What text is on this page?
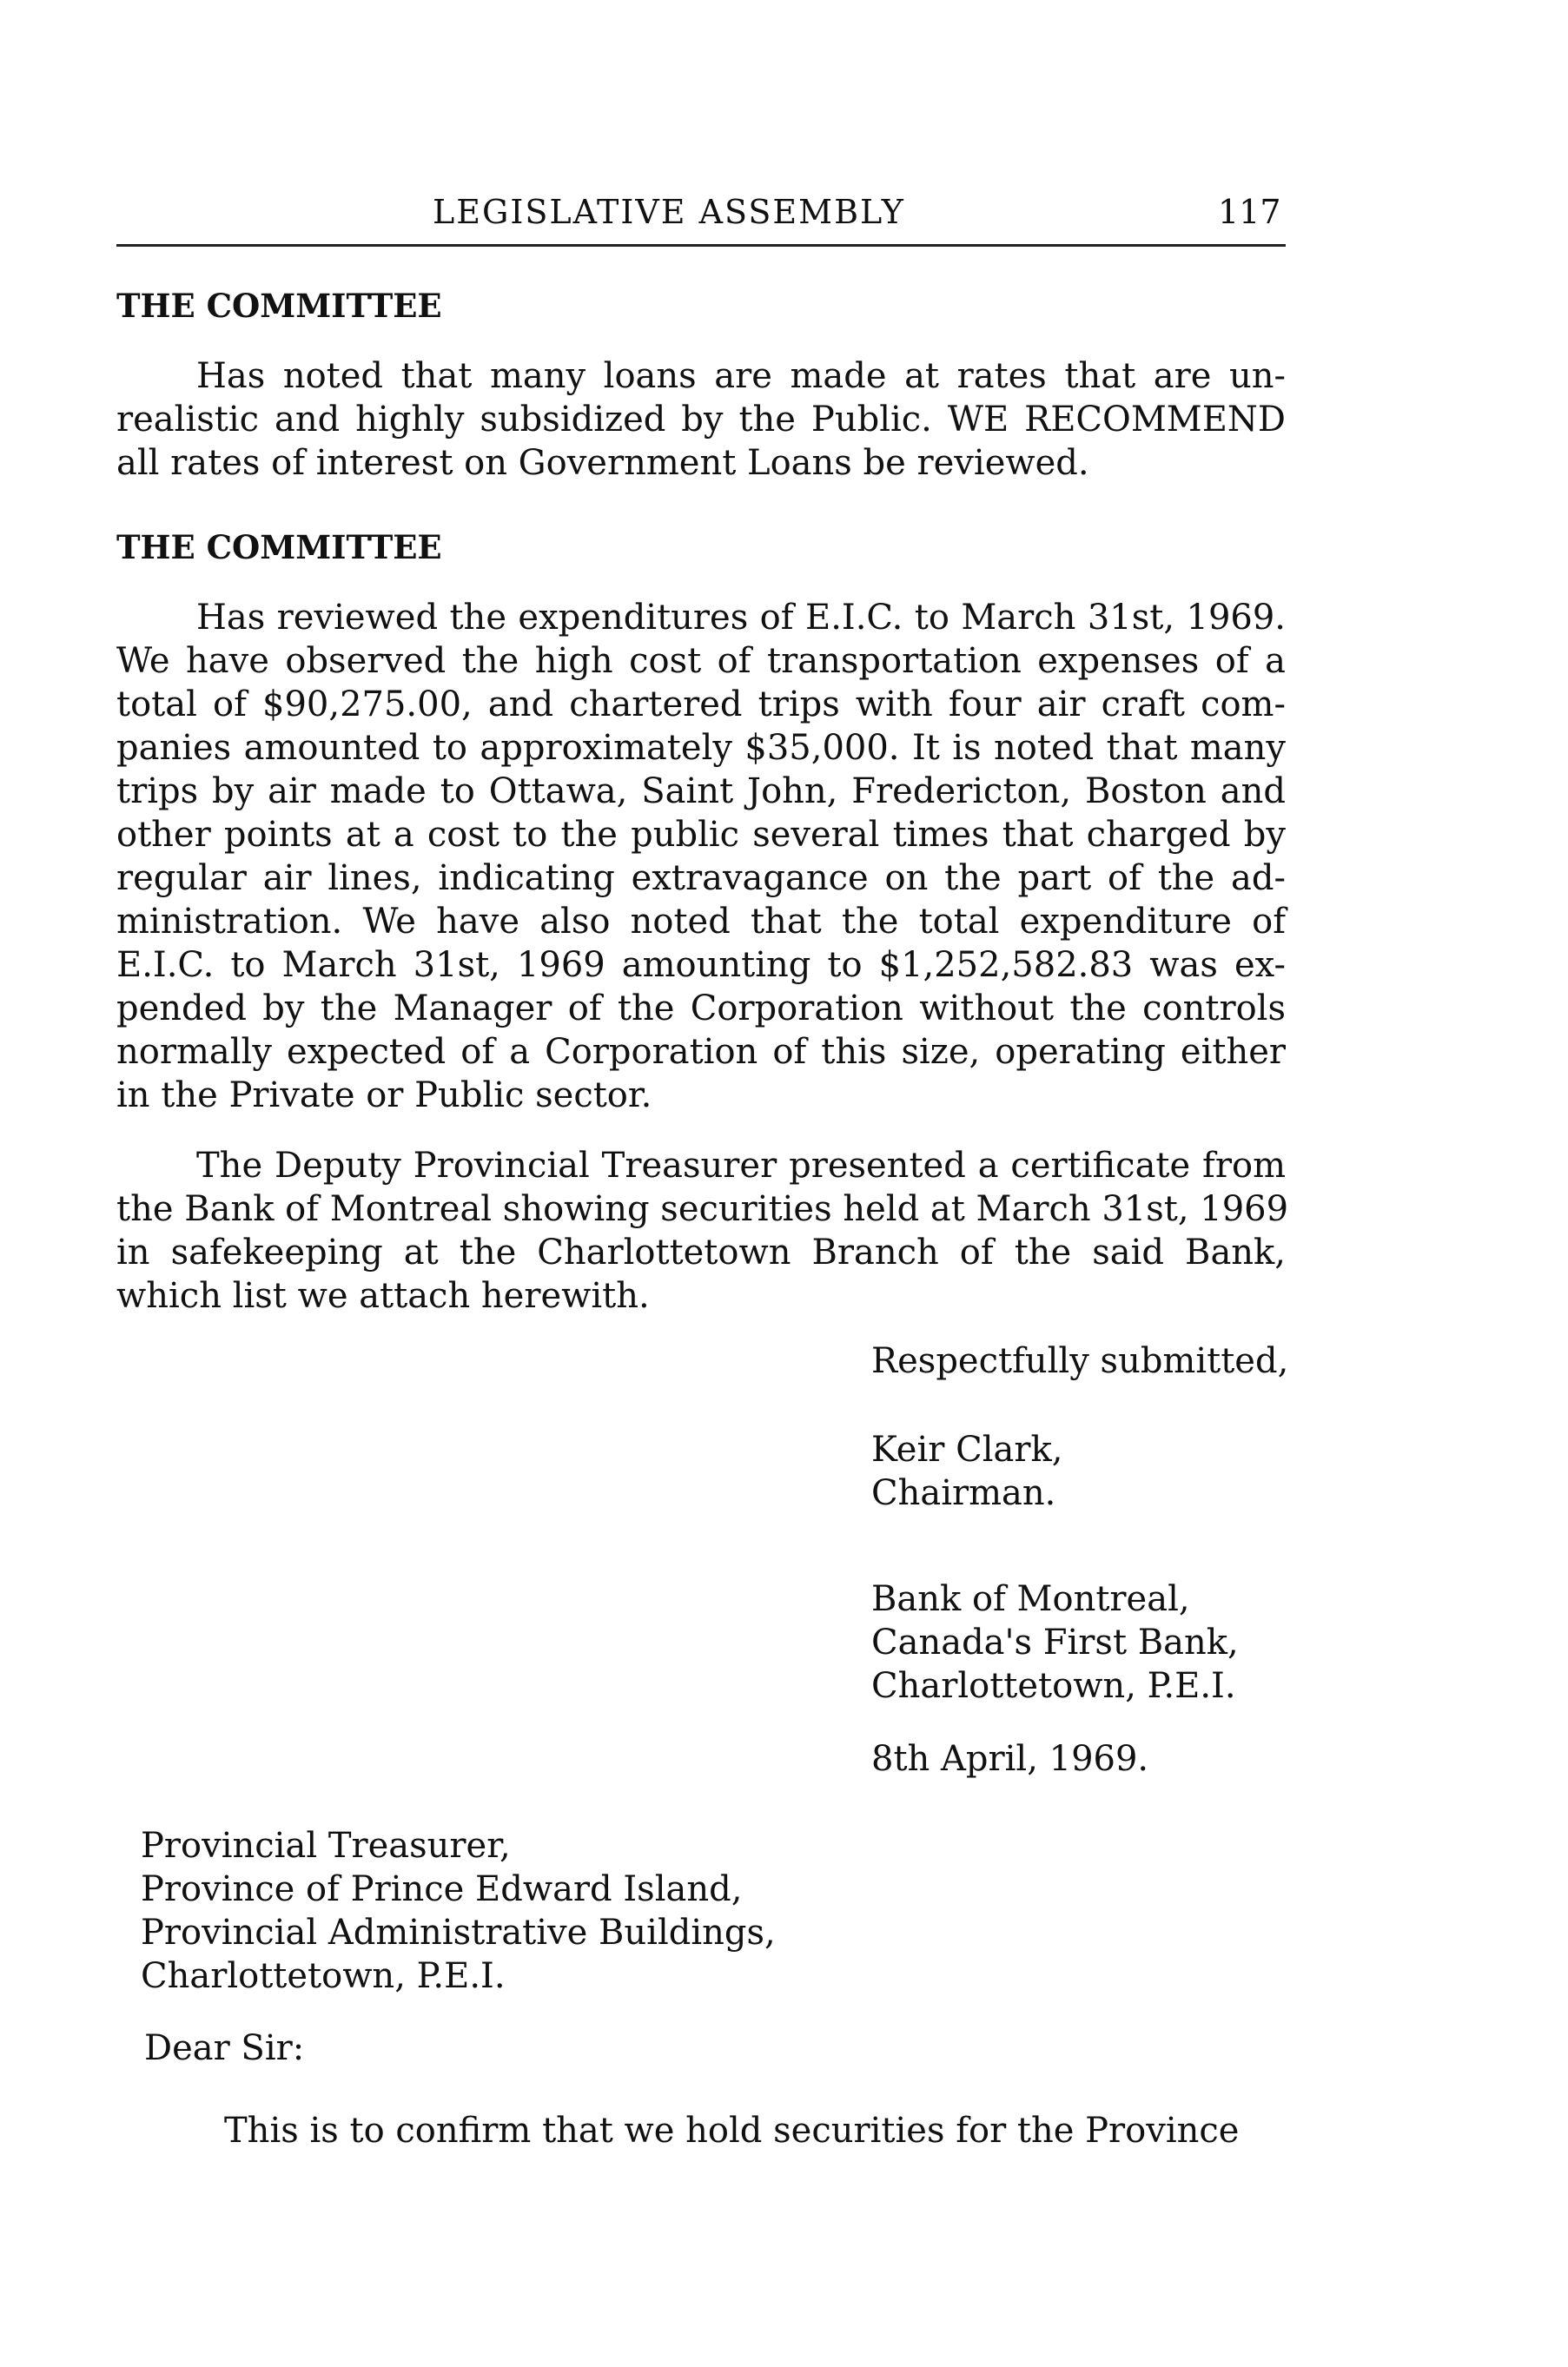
LEGISLATIVE ASSEMBLY	117
THE COMMITTEE
Has noted that many loans are made at rates that are un-
realistic and highly subsidized by the Public. WE RECOMMEND
all rates of interest on Government Loans be reviewed.
THE COMMITTEE
Has reviewed the expenditures of E.I.C. to March 31st, 1969.
We have observed the high cost of transportation expenses of a
total of $90,275.00, and chartered trips with four air craft com-
panies amounted to approximately $35,000. It is noted that many
trips by air made to Ottawa, Saint John, Fredericton, Boston and
other points at a cost to the public several times that charged by
regular air lines, indicating extravagance on the part of the ad-
ministration. We have also noted that the total expenditure of
E.I.C. to March 31st, 1969 amounting to $1,252,582.83 was ex-
pended by the Manager of the Corporation without the controls
normally expected of a Corporation of this size, operating either
in the Private or Public sector.
The Deputy Provincial Treasurer presented a certificate from
the Bank of Montreal showing securities held at March 31st, 1969
in safekeeping at the Charlottetown Branch of the said Bank,
which list we attach herewith.
Respectfully submitted,
Keir Clark,
Chairman.
Bank of Montreal,
Canada's First Bank,
Charlottetown, P.E.I.
8th April, 1969.
Provincial Treasurer,
Province of Prince Edward Island,
Provincial Administrative Buildings,
Charlottetown, P.E.I.
Dear Sir:
This is to confirm that we hold securities for the Province
